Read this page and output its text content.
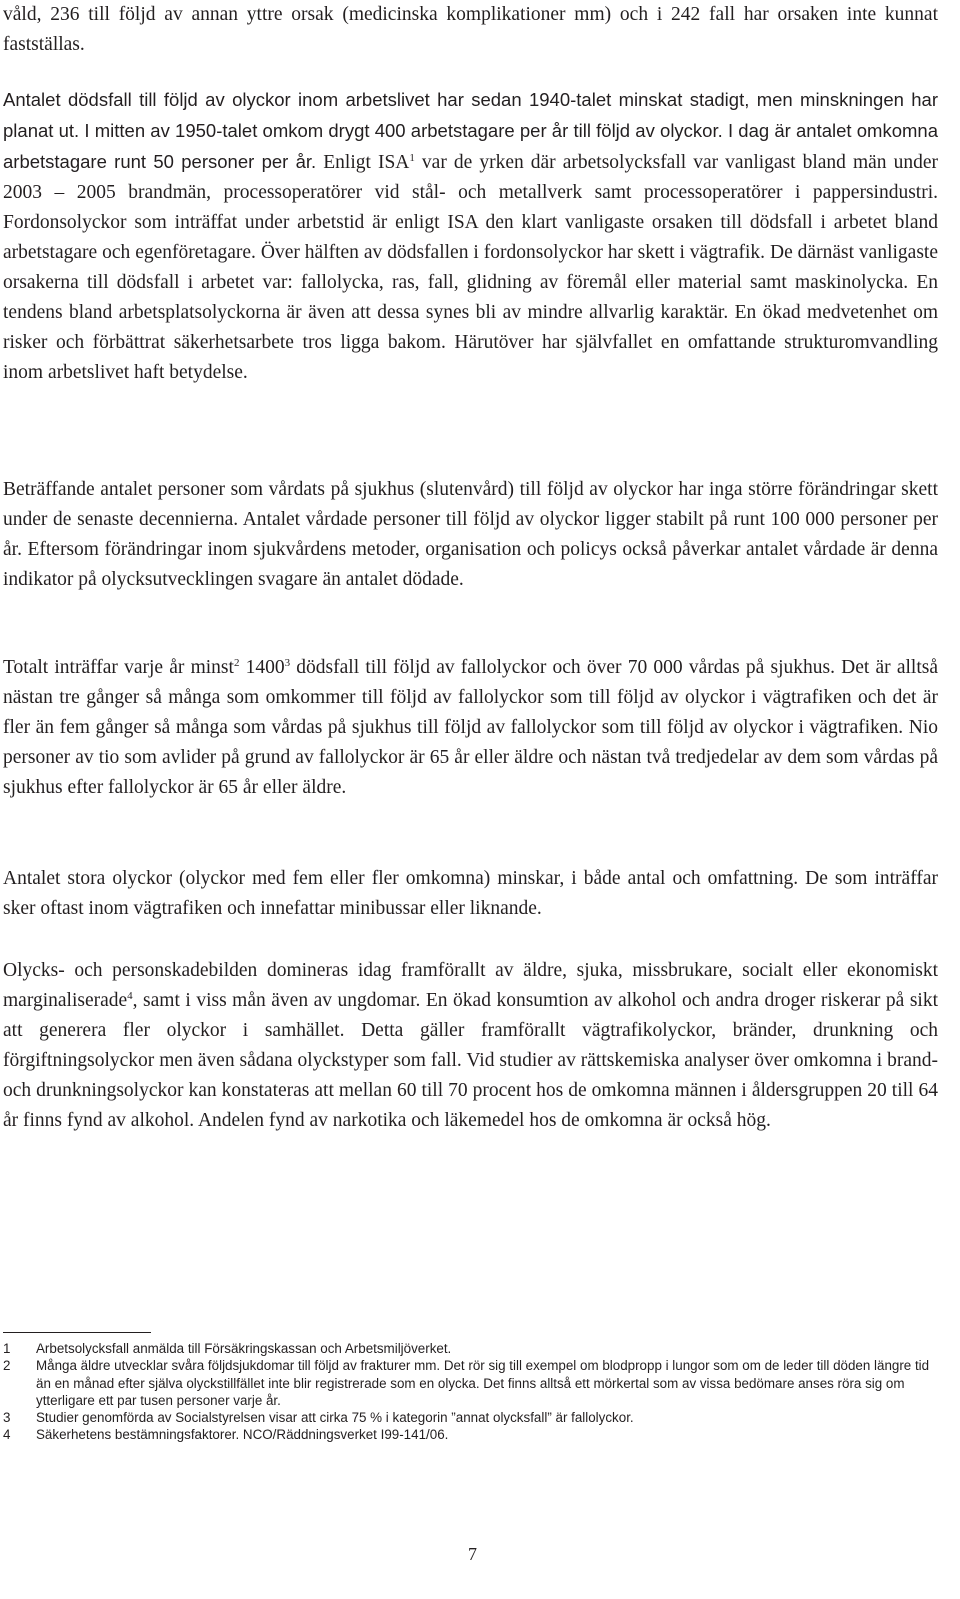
våld, 236 till följd av annan yttre orsak (medicinska komplikationer mm) och i 242 fall har orsaken inte kunnat fastställas.

Antalet dödsfall till följd av olyckor inom arbetslivet har sedan 1940-talet minskat stadigt, men minskningen har planat ut. I mitten av 1950-talet omkom drygt 400 arbetstagare per år till följd av olyckor. I dag är antalet omkomna arbetstagare runt 50 personer per år. Enligt ISA$^1$ var de yrken där arbetsolycksfall var vanligast bland män under 2003 – 2005 brandmän, processoperatörer vid stål- och metallverk samt processoperatörer i pappersindustri. Fordonsolyckor som inträffat under arbetstid är enligt ISA den klart vanligaste orsaken till dödsfall i arbetet bland arbetstagare och egenföretagare. Över hälften av dödsfallen i fordonsolyckor har skett i vägtrafik. De därnäst vanligaste orsakerna till dödsfall i arbetet var: fallolycka, ras, fall, glidning av föremål eller material samt maskinolycka. En tendens bland arbetsplatsolyckorna är även att dessa synes bli av mindre allvarlig karaktär. En ökad medvetenhet om risker och förbättrat säkerhetsarbete tros ligga bakom. Härutöver har självfallet en omfattande strukturomvandling inom arbetslivet haft betydelse.

Beträffande antalet personer som vårdats på sjukhus (slutenvård) till följd av olyckor har inga större förändringar skett under de senaste decennierna. Antalet vårdade personer till följd av olyckor ligger stabilt på runt 100 000 personer per år. Eftersom förändringar inom sjukvårdens metoder, organisation och policys också påverkar antalet vårdade är denna indikator på olycksutvecklingen svagare än antalet dödade.

Totalt inträffar varje år minst$^2$ 1400$^3$ dödsfall till följd av fallolyckor och över 70 000 vårdas på sjukhus. Det är alltså nästan tre gånger så många som omkommer till följd av fallolyckor som till följd av olyckor i vägtrafiken och det är fler än fem gånger så många som vårdas på sjukhus till följd av fallolyckor som till följd av olyckor i vägtrafiken. Nio personer av tio som avlider på grund av fallolyckor är 65 år eller äldre och nästan två tredjedelar av dem som vårdas på sjukhus efter fallolyckor är 65 år eller äldre.

Antalet stora olyckor (olyckor med fem eller fler omkomna) minskar, i både antal och omfattning. De som inträffar sker oftast inom vägtrafiken och innefattar minibussar eller liknande.

Olycks- och personskadebilden domineras idag framförallt av äldre, sjuka, missbrukare, socialt eller ekonomiskt marginaliserade$^4$, samt i viss mån även av ungdomar. En ökad konsumtion av alkohol och andra droger riskerar på sikt att generera fler olyckor i samhället. Detta gäller framförallt vägtrafikolyckor, bränder, drunkning och förgiftningsolyckor men även sådana olyckstyper som fall. Vid studier av rättskemiska analyser över omkomna i brand- och drunkningsolyckor kan konstateras att mellan 60 till 70 procent hos de omkomna männen i åldersgruppen 20 till 64 år finns fynd av alkohol. Andelen fynd av narkotika och läkemedel hos de omkomna är också hög.

1	Arbetsolycksfall anmälda till Försäkringskassan och Arbetsmiljöverket.
2	Många äldre utvecklar svåra följdsjukdomar till följd av frakturer mm. Det rör sig till exempel om blodpropp i lungor som om de leder till döden längre tid än en månad efter själva olyckstillfället inte blir registrerade som en olycka. Det finns alltså ett mörkertal som av vissa bedömare anses röra sig om ytterligare ett par tusen personer varje år.
3	Studier genomförda av Socialstyrelsen visar att cirka 75 % i kategorin ”annat olycksfall” är fallolyckor.
4	Säkerhetens bestämningsfaktorer. NCO/Räddningsverket I99-141/06.
7
